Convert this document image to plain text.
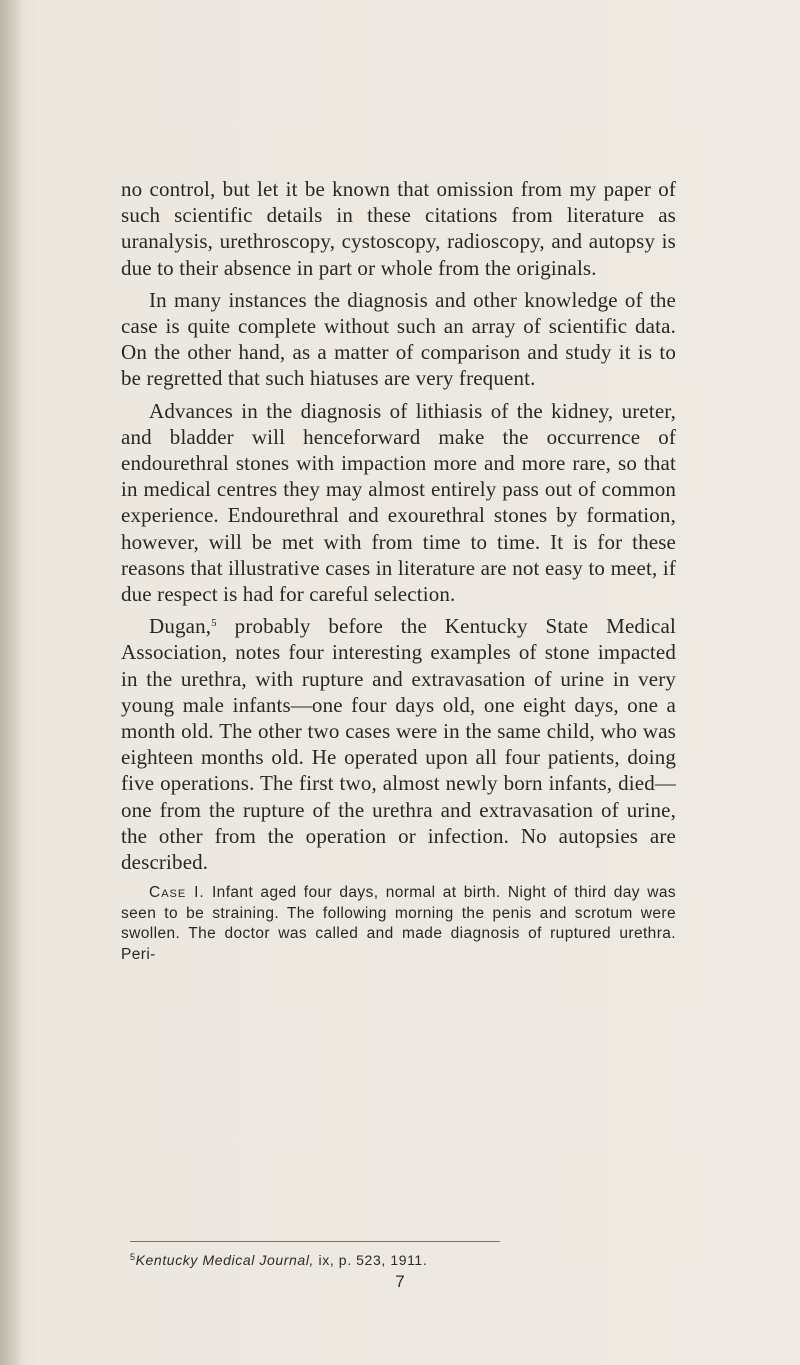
no control, but let it be known that omission from my paper of such scientific details in these citations from literature as uranalysis, urethroscopy, cystoscopy, radioscopy, and autopsy is due to their absence in part or whole from the originals.

In many instances the diagnosis and other knowledge of the case is quite complete without such an array of scientific data. On the other hand, as a matter of comparison and study it is to be regretted that such hiatuses are very frequent.

Advances in the diagnosis of lithiasis of the kidney, ureter, and bladder will henceforward make the occurrence of endourethral stones with impaction more and more rare, so that in medical centres they may almost entirely pass out of common experience. Endourethral and exourethral stones by formation, however, will be met with from time to time. It is for these reasons that illustrative cases in literature are not easy to meet, if due respect is had for careful selection.

Dugan,$^5$ probably before the Kentucky State Medical Association, notes four interesting examples of stone impacted in the urethra, with rupture and extravasation of urine in very young male infants—one four days old, one eight days, one a month old. The other two cases were in the same child, who was eighteen months old. He operated upon all four patients, doing five operations. The first two, almost newly born infants, died—one from the rupture of the urethra and extravasation of urine, the other from the operation or infection. No autopsies are described.

Case I. Infant aged four days, normal at birth. Night of third day was seen to be straining. The following morning the penis and scrotum were swollen. The doctor was called and made diagnosis of ruptured urethra. Peri-

$^5$Kentucky Medical Journal, ix, p. 523, 1911.
7
